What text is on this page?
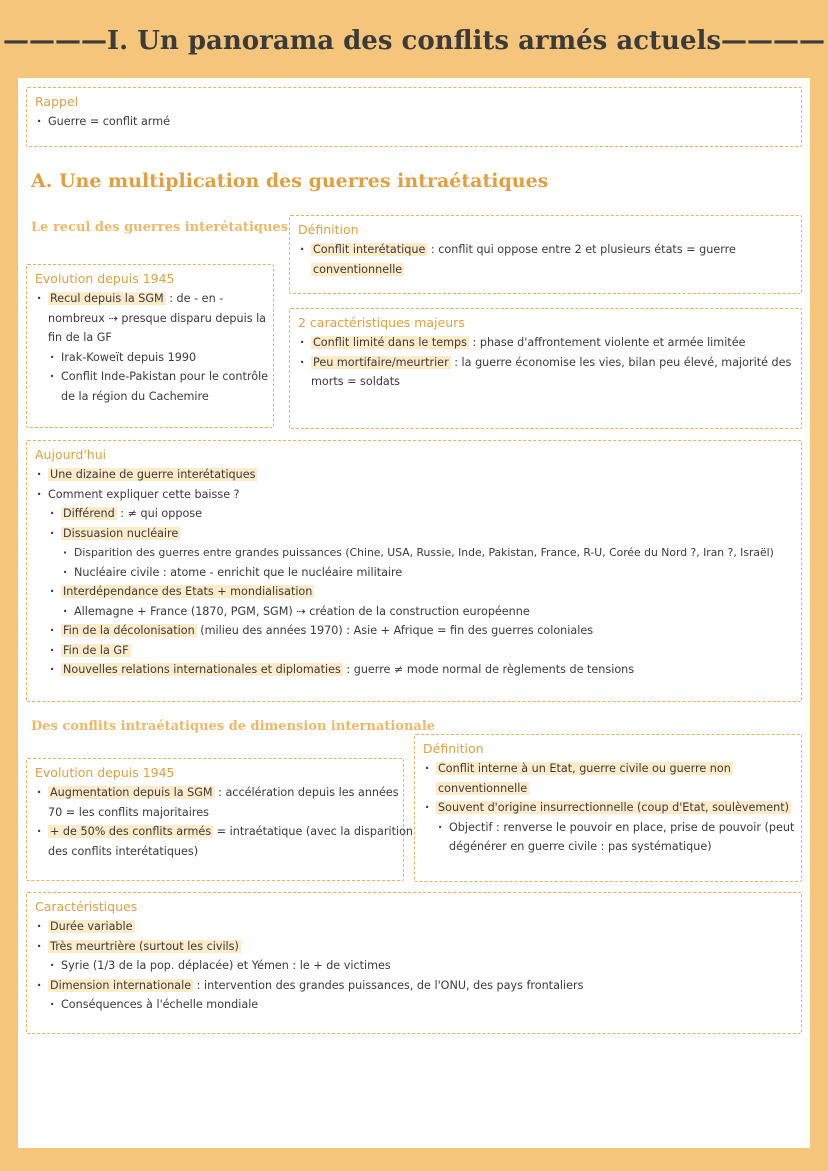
————I. Un panorama des conflits armés actuels————
Rappel
· Guerre = conflit armé
A. Une multiplication des guerres intraétatiques
Le recul des guerres interétatiques Définition
· Conflit interétatique : conflit qui oppose entre 2 et plusieurs états = guerre
conventionnelle
Evolution depuis 1945
· Recul depuis la SGM : de - en -
nombreux ⇢ presque disparu depuis la
fin de la GF
· Irak-Koweït depuis 1990
· Conflit Inde-Pakistan pour le contrôle
de la région du Cachemire
2 caractéristiques majeurs
· Conflit limité dans le temps : phase d'affrontement violente et armée limitée
· Peu mortifaire/meurtrier : la guerre économise les vies, bilan peu élevé, majorité des
morts = soldats
Aujourd'hui
· Une dizaine de guerre interétatiques
· Comment expliquer cette baisse ?
· Différend : ≠ qui oppose
· Dissuasion nucléaire
· Disparition des guerres entre grandes puissances (Chine, USA, Russie, Inde, Pakistan, France, R-U, Corée du Nord ?, Iran ?, Israël)
· Nucléaire civile : atome - enrichit que le nucléaire militaire
· Interdépendance des Etats + mondialisation
· Allemagne + France (1870, PGM, SGM) ⇢ création de la construction européenne
· Fin de la décolonisation (milieu des années 1970) : Asie + Afrique = fin des guerres coloniales
· Fin de la GF
· Nouvelles relations internationales et diplomaties : guerre ≠ mode normal de règlements de tensions
Des conflits intraétatiques de dimension internationale
Définition
· Conflit interne à un Etat, guerre civile ou guerre non
conventionnelle
· Souvent d'origine insurrectionnelle (coup d'Etat, soulèvement)
· Objectif : renverse le pouvoir en place, prise de pouvoir (peut
dégénérer en guerre civile : pas systématique)
Evolution depuis 1945
· Augmentation depuis la SGM : accélération depuis les années
70 = les conflits majoritaires
· + de 50% des conflits armés = intraétatique (avec la disparition
des conflits interétatiques)
Caractéristiques
· Durée variable
· Très meurtrière (surtout les civils)
· Syrie (1/3 de la pop. déplacée) et Yémen : le + de victimes
· Dimension internationale : intervention des grandes puissances, de l'ONU, des pays frontaliers
· Conséquences à l'échelle mondiale
